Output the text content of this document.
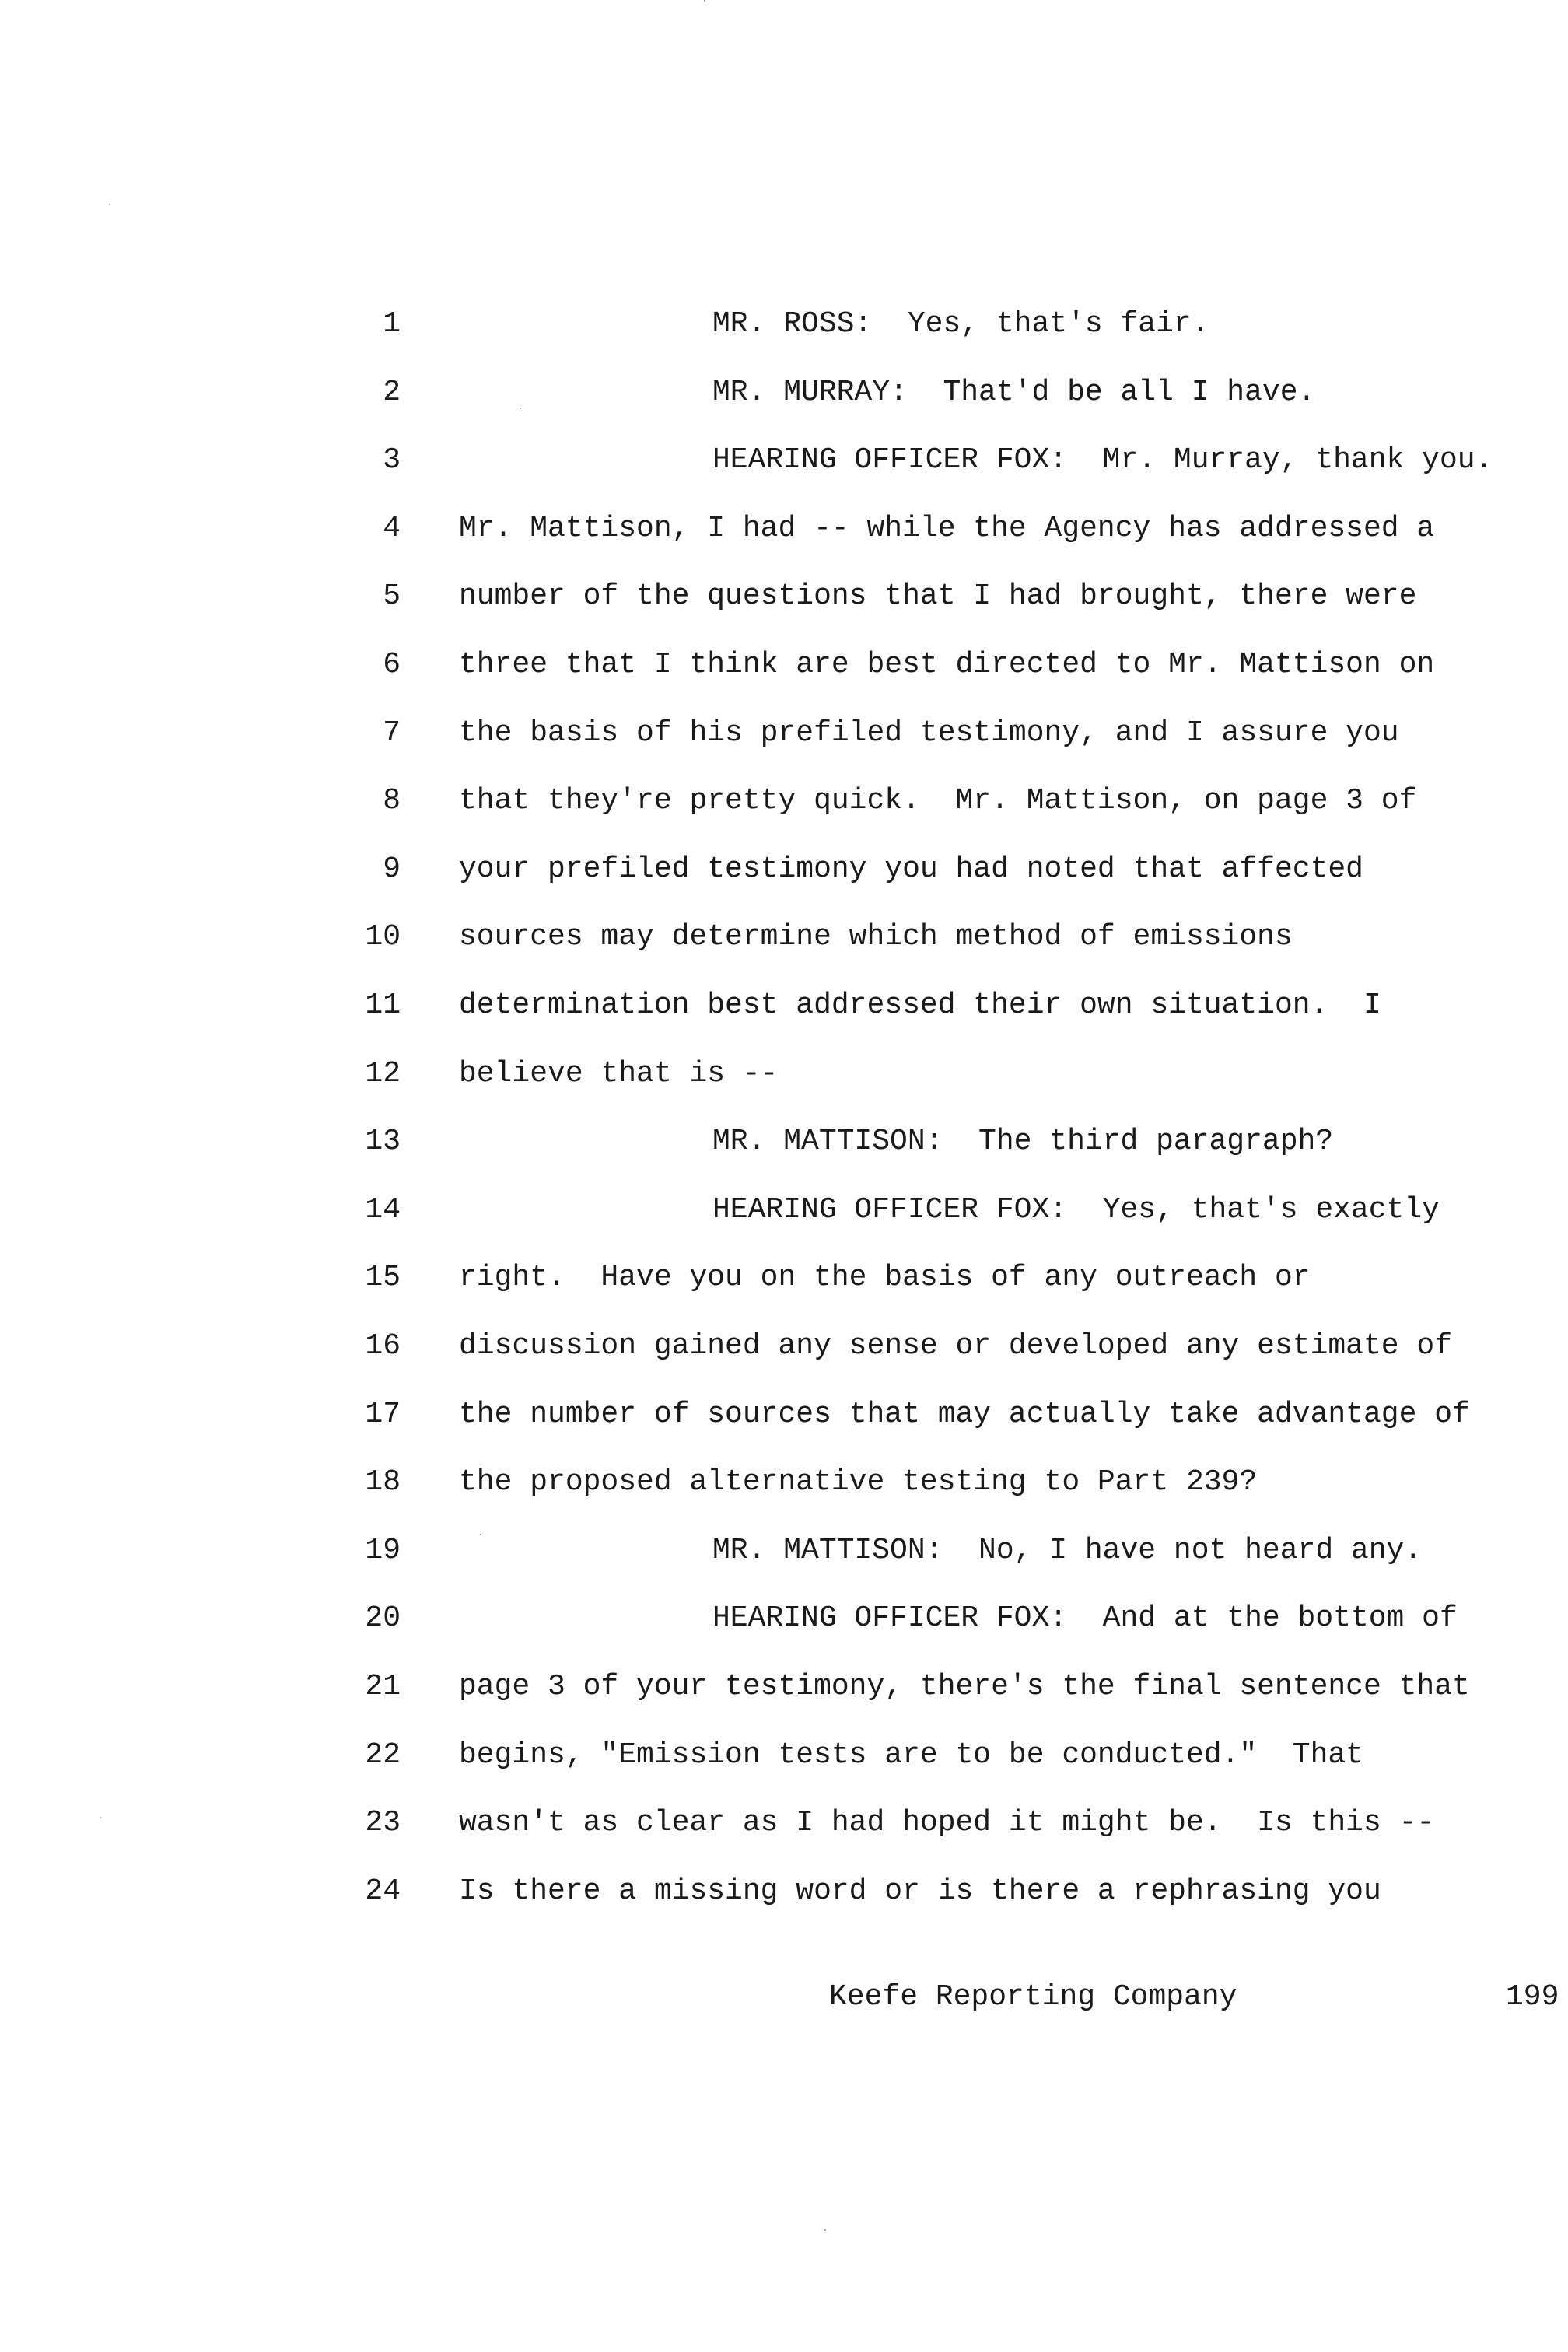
1	MR. ROSS:  Yes, that's fair.
2	MR. MURRAY:  That'd be all I have.
3	HEARING OFFICER FOX:  Mr. Murray, thank you.
4 Mr. Mattison, I had -- while the Agency has addressed a
5 number of the questions that I had brought, there were
6 three that I think are best directed to Mr. Mattison on
7 the basis of his prefiled testimony, and I assure you
8 that they're pretty quick.  Mr. Mattison, on page 3 of
9 your prefiled testimony you had noted that affected
10 sources may determine which method of emissions
11 determination best addressed their own situation.  I
12 believe that is --
13	MR. MATTISON:  The third paragraph?
14	HEARING OFFICER FOX:  Yes, that's exactly
15 right.  Have you on the basis of any outreach or
16 discussion gained any sense or developed any estimate of
17 the number of sources that may actually take advantage of
18 the proposed alternative testing to Part 239?
19	MR. MATTISON:  No, I have not heard any.
20	HEARING OFFICER FOX:  And at the bottom of
21 page 3 of your testimony, there's the final sentence that
22 begins, "Emission tests are to be conducted."  That
23 wasn't as clear as I had hoped it might be.  Is this --
24 Is there a missing word or is there a rephrasing you
Keefe Reporting Company	199
